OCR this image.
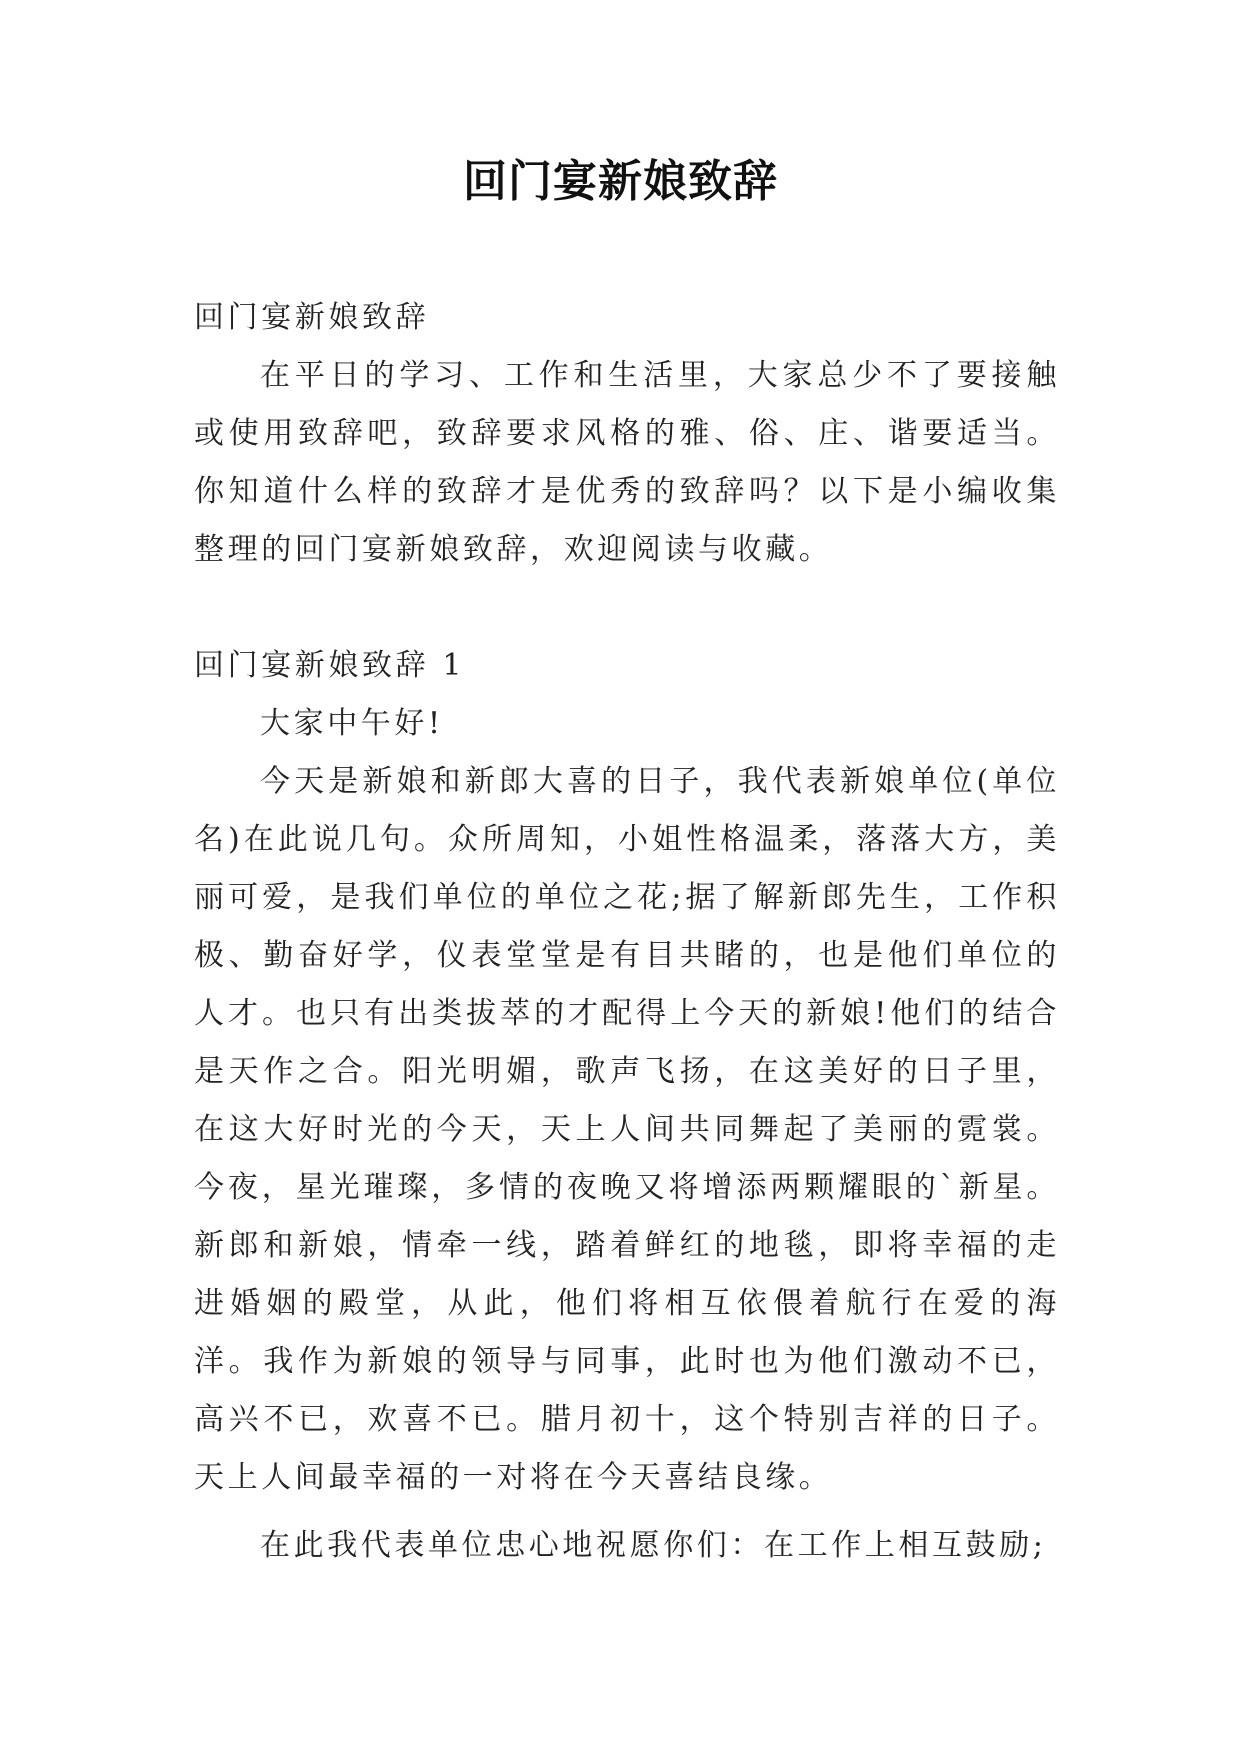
回门宴新娘致辞

回门宴新娘致辞

在平日的学习、工作和生活里，大家总少不了要接触或使用致辞吧，致辞要求风格的雅、俗、庄、谐要适当。你知道什么样的致辞才是优秀的致辞吗？以下是小编收集整理的回门宴新娘致辞，欢迎阅读与收藏。

回门宴新娘致辞 1

大家中午好!

今天是新娘和新郎大喜的日子，我代表新娘单位(单位名)在此说几句。众所周知，小姐性格温柔，落落大方，美丽可爱，是我们单位的单位之花;据了解新郎先生，工作积极、勤奋好学，仪表堂堂是有目共睹的，也是他们单位的人才。也只有出类拔萃的才配得上今天的新娘!他们的结合是天作之合。阳光明媚，歌声飞扬，在这美好的日子里，在这大好时光的今天，天上人间共同舞起了美丽的霓裳。今夜，星光璀璨，多情的夜晚又将增添两颗耀眼的`新星。新郎和新娘，情牵一线，踏着鲜红的地毯，即将幸福的走进婚姻的殿堂，从此，他们将相互依偎着航行在爱的海洋。我作为新娘的领导与同事，此时也为他们激动不已，高兴不已，欢喜不已。腊月初十，这个特别吉祥的日子。天上人间最幸福的一对将在今天喜结良缘。

在此我代表单位忠心地祝愿你们：在工作上相互鼓励;
